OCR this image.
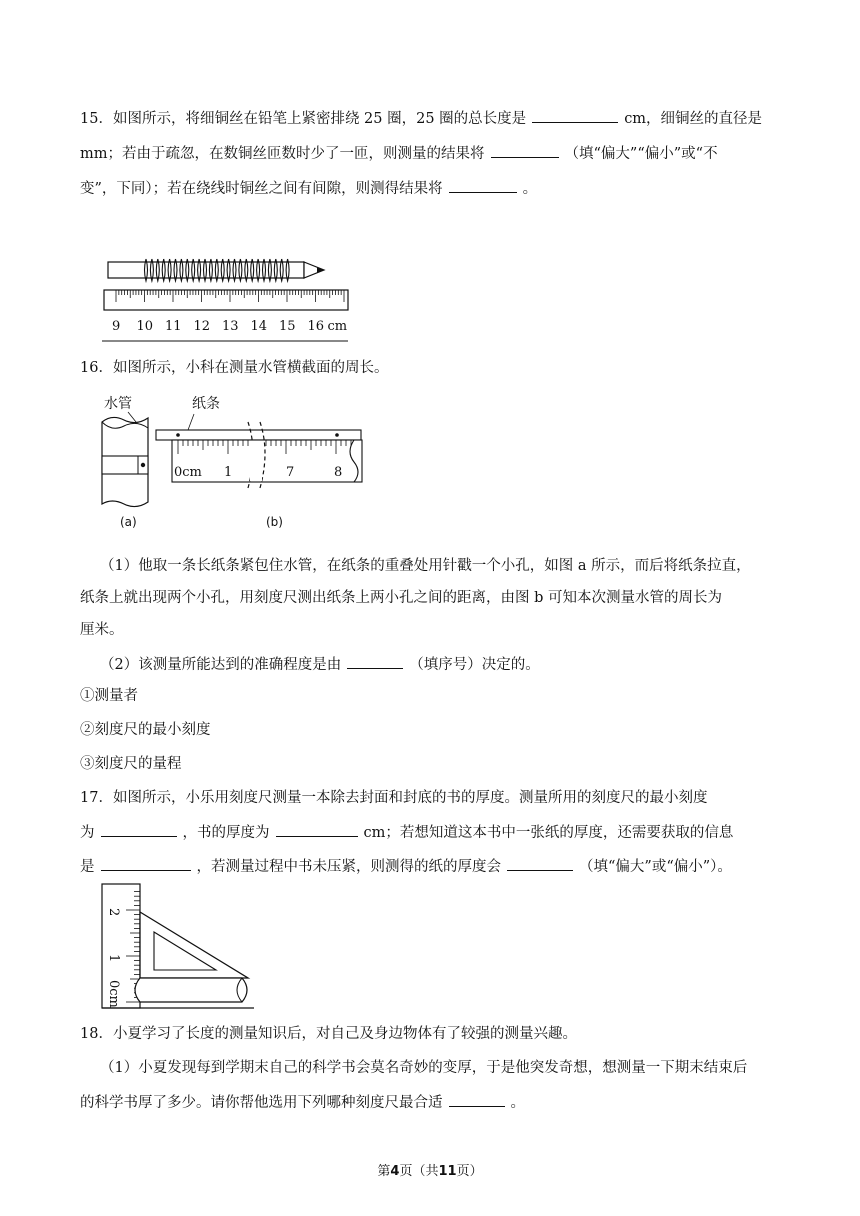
15．如图所示，将细铜丝在铅笔上紧密排绕 25 圈，25 圈的总长度是	cm，细铜丝的直径是
mm；若由于疏忽，在数铜丝匝数时少了一匝，则测量的结果将	（填“偏大”“偏小”或“不
变”，下同）；若在绕线时铜丝之间有间隙，则测得结果将	。
9 10 11 12 13 14 15 16 cm
16．如图所示，小科在测量水管横截面的周长。
水管
(a)
纸条
0cm 1	7	8
(b)
（1）他取一条长纸条紧包住水管，在纸条的重叠处用针戳一个小孔，如图 a 所示，而后将纸条拉直，
纸条上就出现两个小孔，用刻度尺测出纸条上两小孔之间的距离，由图 b 可知本次测量水管的周长为
厘米。
（2）该测量所能达到的准确程度是由	（填序号）决定的。
①测量者
②刻度尺的最小刻度
③刻度尺的量程
17．如图所示，小乐用刻度尺测量一本除去封面和封底的书的厚度。测量所用的刻度尺的最小刻度
为	，书的厚度为	cm；若想知道这本书中一张纸的厚度，还需要获取的信息
是	，若测量过程中书未压紧，则测得的纸的厚度会	（填“偏大”或“偏小”）。
2
1
0cm
18．小夏学习了长度的测量知识后，对自己及身边物体有了较强的测量兴趣。
（1）小夏发现每到学期末自己的科学书会莫名奇妙的变厚，于是他突发奇想，想测量一下期末结束后
的科学书厚了多少。请你帮他选用下列哪种刻度尺最合适	。
第4页（共11页）
